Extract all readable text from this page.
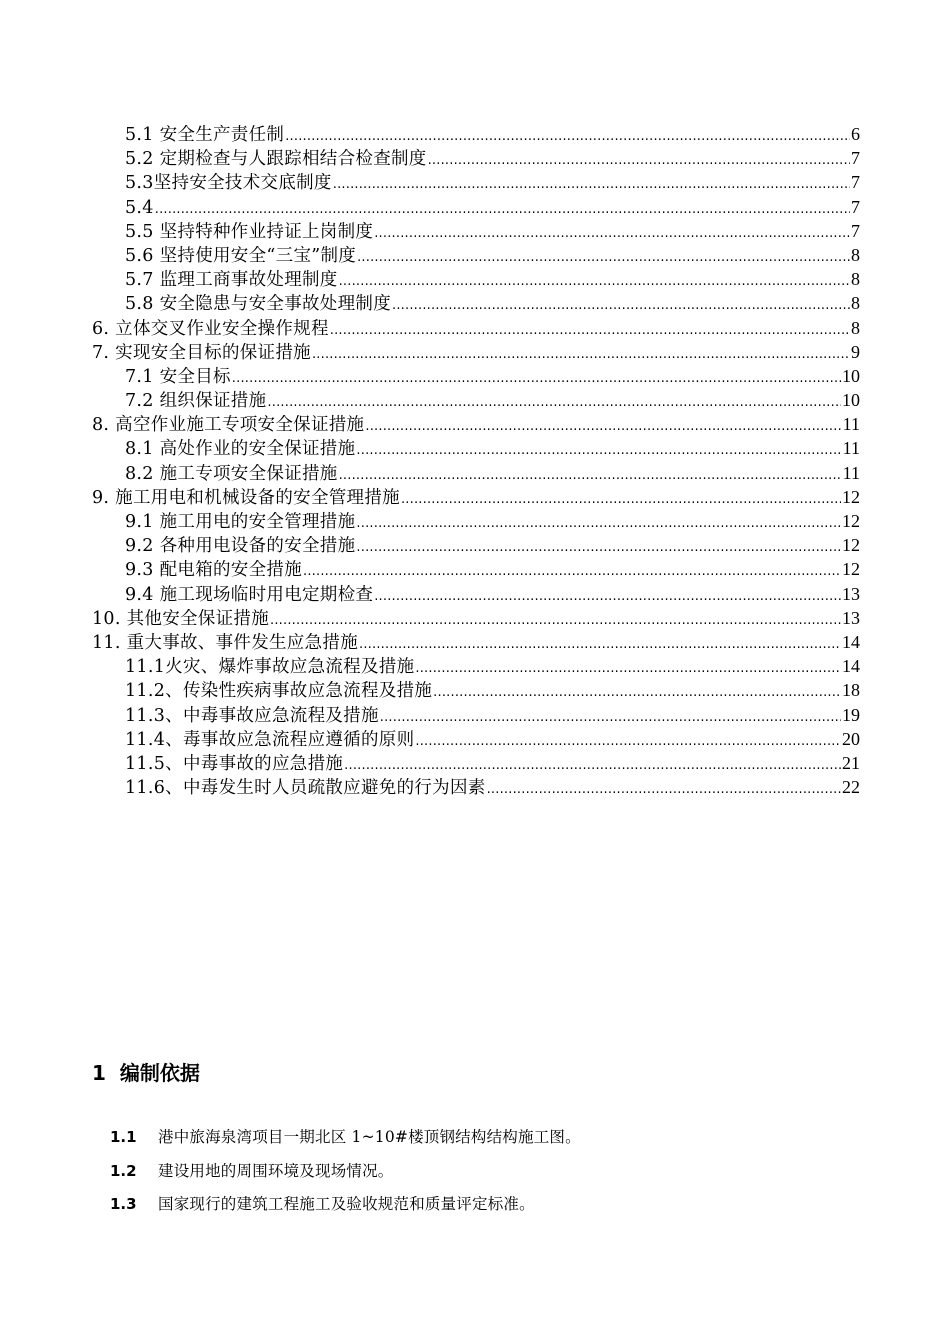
5.1 安全生产责任制 .....	6
5.2 定期检查与人跟踪相结合检查制度 .....	7
5.3坚持安全技术交底制度 .....	7
5.4 .....	7
5.5 坚持特种作业持证上岗制度 .....	7
5.6 坚持使用安全“三宝”制度 .....	8
5.7 监理工商事故处理制度 .....	8
5.8 安全隐患与安全事故处理制度 .....	8
6. 立体交叉作业安全操作规程 .....	8
7. 实现安全目标的保证措施 .....	9
7.1 安全目标 .....	10
7.2 组织保证措施 .....	10
8. 高空作业施工专项安全保证措施 .....	11
8.1 高处作业的安全保证措施 .....	11
8.2 施工专项安全保证措施 .....	11
9. 施工用电和机械设备的安全管理措施 .....	12
9.1 施工用电的安全管理措施 .....	12
9.2 各种用电设备的安全措施 .....	12
9.3 配电箱的安全措施 .....	12
9.4 施工现场临时用电定期检查 .....	13
10. 其他安全保证措施 .....	13
11. 重大事故、事件发生应急措施 .....	14
11.1火灾、爆炸事故应急流程及措施 .....	14
11.2、传染性疾病事故应急流程及措施 .....	18
11.3、中毒事故应急流程及措施 .....	19
11.4、毒事故应急流程应遵循的原则 .....	20
11.5、中毒事故的应急措施 .....	21
11.6、中毒发生时人员疏散应避免的行为因素 .....	22
1 编制依据
1.1 港中旅海泉湾项目一期北区 1~10#楼顶钢结构结构施工图。
1.2 建设用地的周围环境及现场情况。
1.3 国家现行的建筑工程施工及验收规范和质量评定标准。
